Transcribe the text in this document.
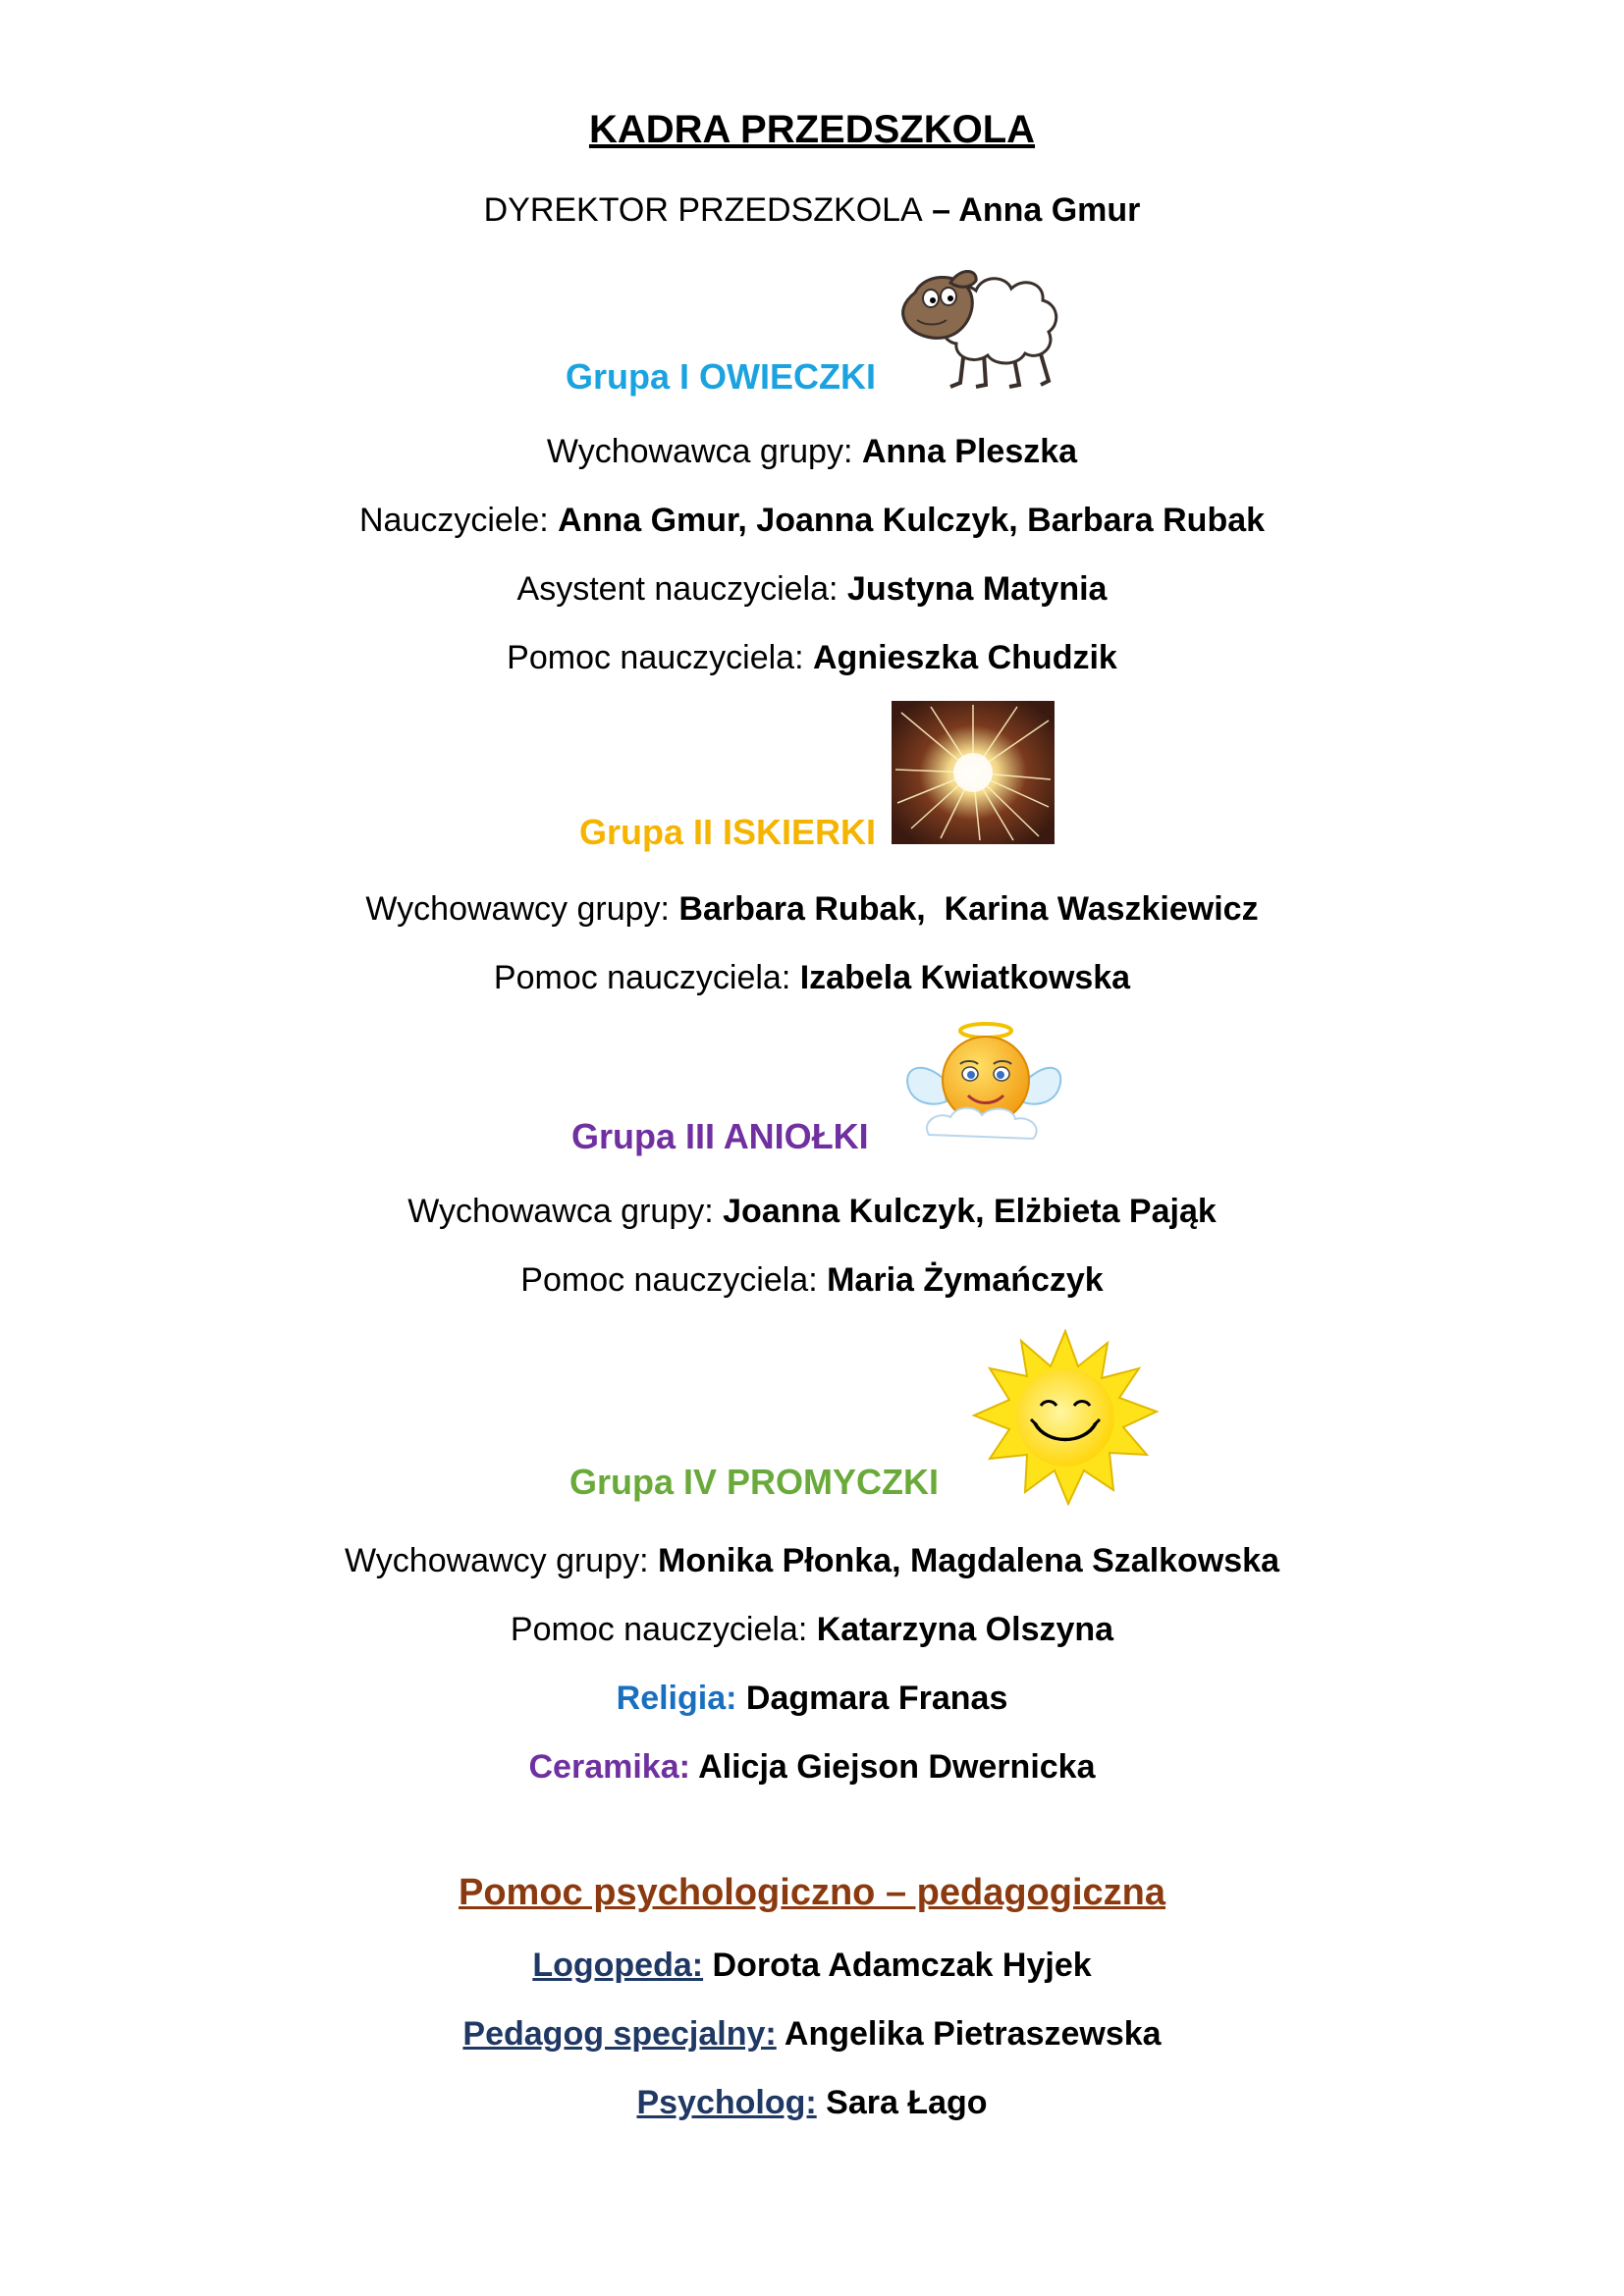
KADRA PRZEDSZKOLA
DYREKTOR PRZEDSZKOLA – Anna Gmur
Grupa I OWIECZKI
Wychowawca grupy: Anna Pleszka
Nauczyciele: Anna Gmur, Joanna Kulczyk, Barbara Rubak
Asystent nauczyciela: Justyna Matynia
Pomoc nauczyciela: Agnieszka Chudzik
Grupa II ISKIERKI
Wychowawcy grupy: Barbara Rubak,  Karina Waszkiewicz
Pomoc nauczyciela: Izabela Kwiatkowska
Grupa III ANIOŁKI
Wychowawca grupy: Joanna Kulczyk, Elżbieta Pająk
Pomoc nauczyciela: Maria Żymańczyk
Grupa IV PROMYCZKI
Wychowawcy grupy: Monika Płonka, Magdalena Szalkowska
Pomoc nauczyciela: Katarzyna Olszyna
Religia: Dagmara Franas
Ceramika: Alicja Giejson Dwernicka
Pomoc psychologiczno – pedagogiczna
Logopeda: Dorota Adamczak Hyjek
Pedagog specjalny: Angelika Pietraszewska
Psycholog: Sara Łago
